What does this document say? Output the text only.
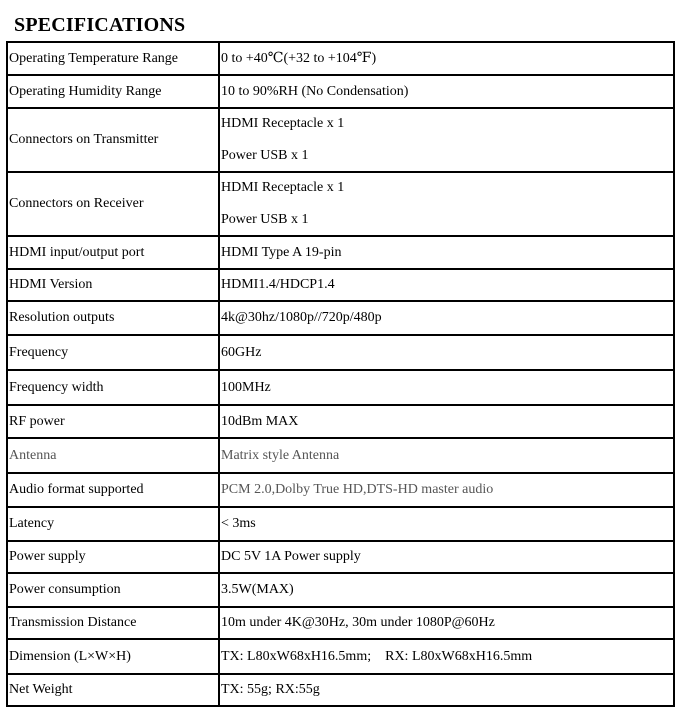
SPECIFICATIONS
Operating Temperature Range	0 to +40℃(+32 to +104℉)
Operating Humidity Range	10 to 90%RH (No Condensation)
Connectors on Transmitter	HDMI Receptacle x 1
Power USB x 1

Connectors on Receiver	HDMI Receptacle x 1
Power USB x 1

HDMI input/output port	HDMI Type A 19-pin
HDMI Version	HDMI1.4/HDCP1.4
Resolution outputs	4k@30hz/1080p//720p/480p
Frequency	60GHz
Frequency width	100MHz
RF power	10dBm MAX
Antenna	Matrix style Antenna
Audio format supported	PCM 2.0,Dolby True HD,DTS-HD master audio
Latency	< 3ms
Power supply	DC 5V 1A Power supply
Power consumption	3.5W(MAX)
Transmission Distance	10m under 4K@30Hz, 30m under 1080P@60Hz
Dimension (L×W×H)	TX: L80xW68xH16.5mm; RX: L80xW68xH16.5mm
Net Weight	TX: 55g; RX:55g
